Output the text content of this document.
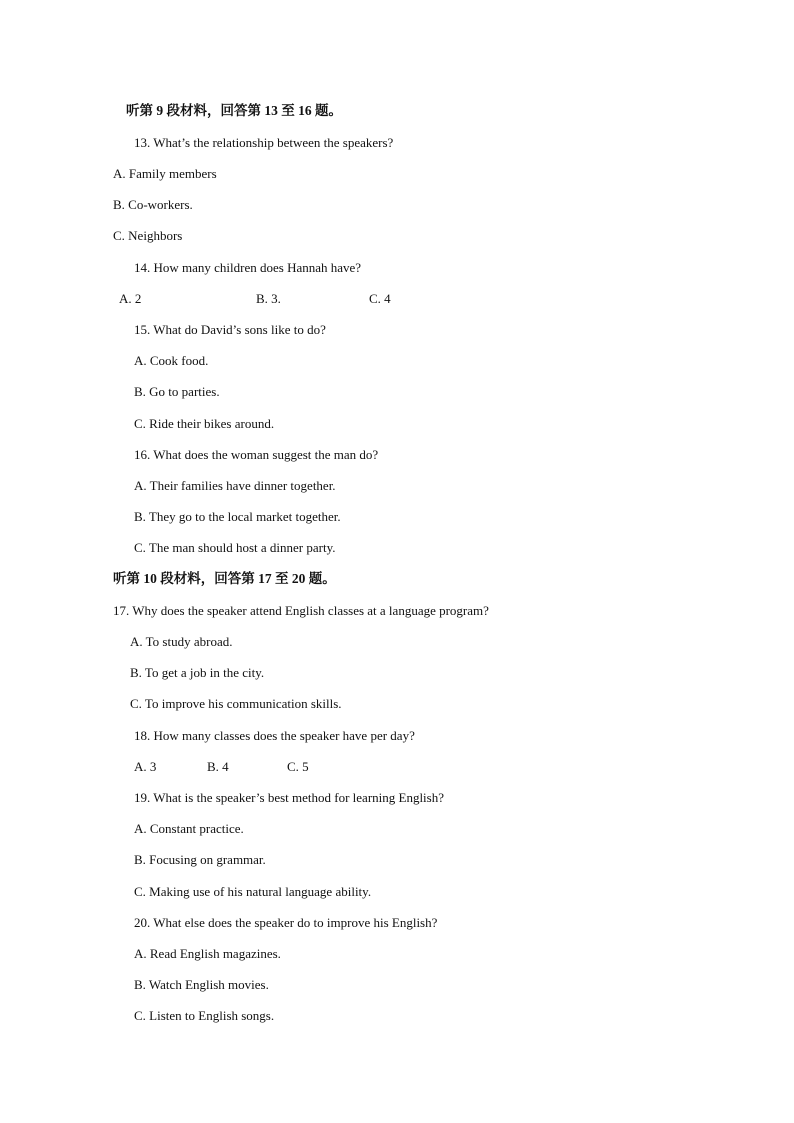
听第 9 段材料，回答第 13 至 16 题。
13. What’s the relationship between the speakers?
A. Family members
B. Co-workers.
C. Neighbors
14. How many children does Hannah have?
A. 2	B. 3.	C. 4
15. What do David’s sons like to do?
A. Cook food.
B. Go to parties.
C. Ride their bikes around.
16. What does the woman suggest the man do?
A. Their families have dinner together.
B. They go to the local market together.
C. The man should host a dinner party.
听第 10 段材料，回答第 17 至 20 题。
17. Why does the speaker attend English classes at a language program?
A. To study abroad.
B. To get a job in the city.
C. To improve his communication skills.
18. How many classes does the speaker have per day?
A. 3	B. 4	C. 5
19. What is the speaker’s best method for learning English?
A. Constant practice.
B. Focusing on grammar.
C. Making use of his natural language ability.
20. What else does the speaker do to improve his English?
A. Read English magazines.
B. Watch English movies.
C. Listen to English songs.
